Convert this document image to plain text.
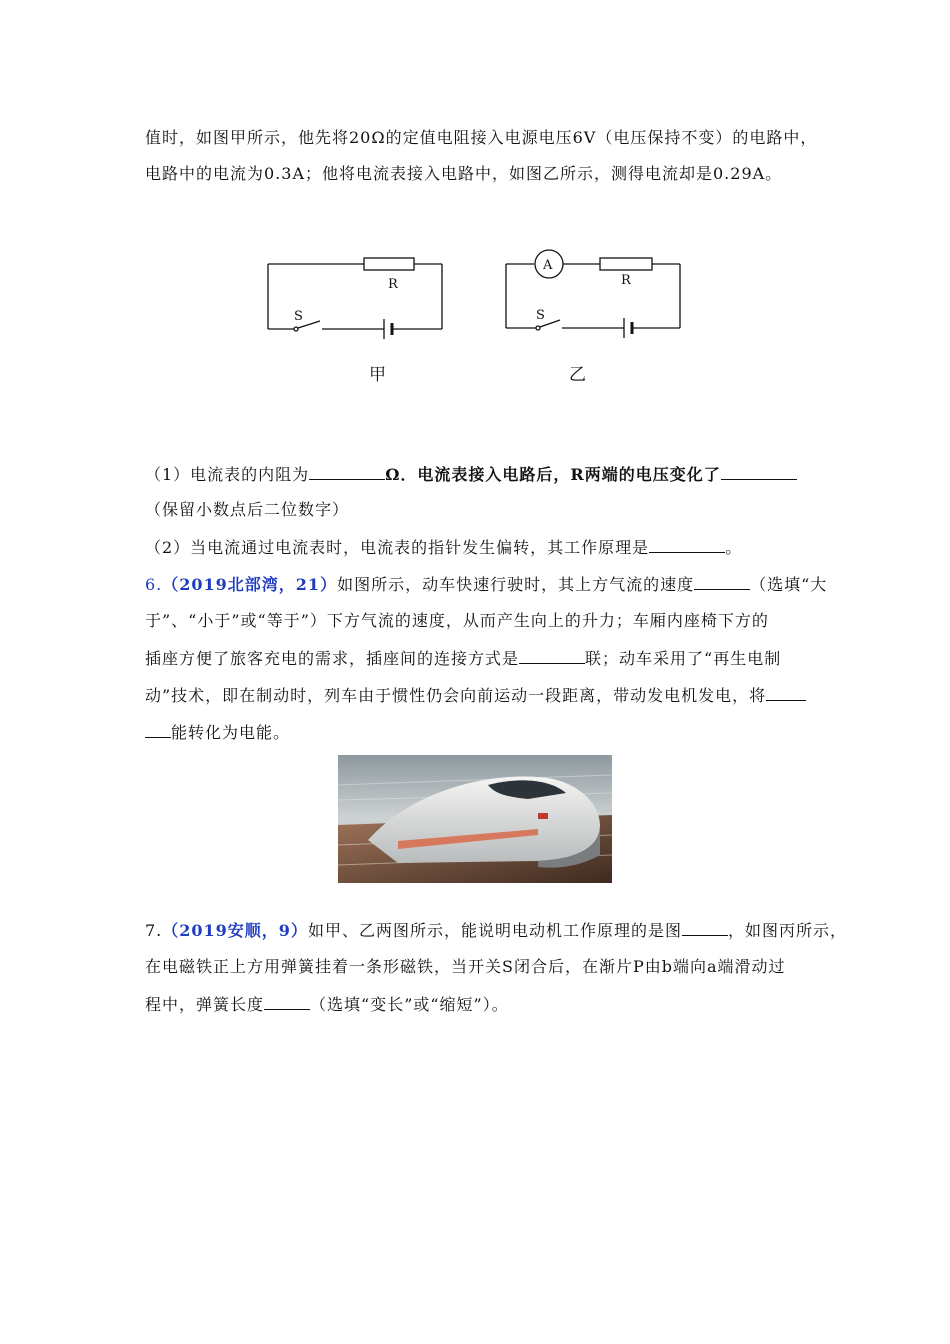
值时，如图甲所示，他先将20Ω的定值电阻接入电源电压6V（电压保持不变）的电路中，
电路中的电流为0.3A；他将电流表接入电路中，如图乙所示，测得电流却是0.29A。
R
S
甲
A
R
S
乙
（1）电流表的内阻为	Ω．电流表接入电路后，R两端的电压变化了
（保留小数点后二位数字）
（2）当电流通过电流表时，电流表的指针发生偏转，其工作原理是	。
6.（2019北部湾，21）如图所示，动车快速行驶时，其上方气流的速度	（选填“大
于”、“小于”或“等于”）下方气流的速度，从而产生向上的升力；车厢内座椅下方的
插座方便了旅客充电的需求，插座间的连接方式是	联；动车采用了“再生电制
动”技术，即在制动时，列车由于惯性仍会向前运动一段距离，带动发电机发电，将
能转化为电能。
7.（2019安顺，9）如甲、乙两图所示，能说明电动机工作原理的是图	，如图丙所示，
在电磁铁正上方用弹簧挂着一条形磁铁，当开关S闭合后，在渐片P由b端向a端滑动过
程中，弹簧长度	（选填“变长”或“缩短”）。
